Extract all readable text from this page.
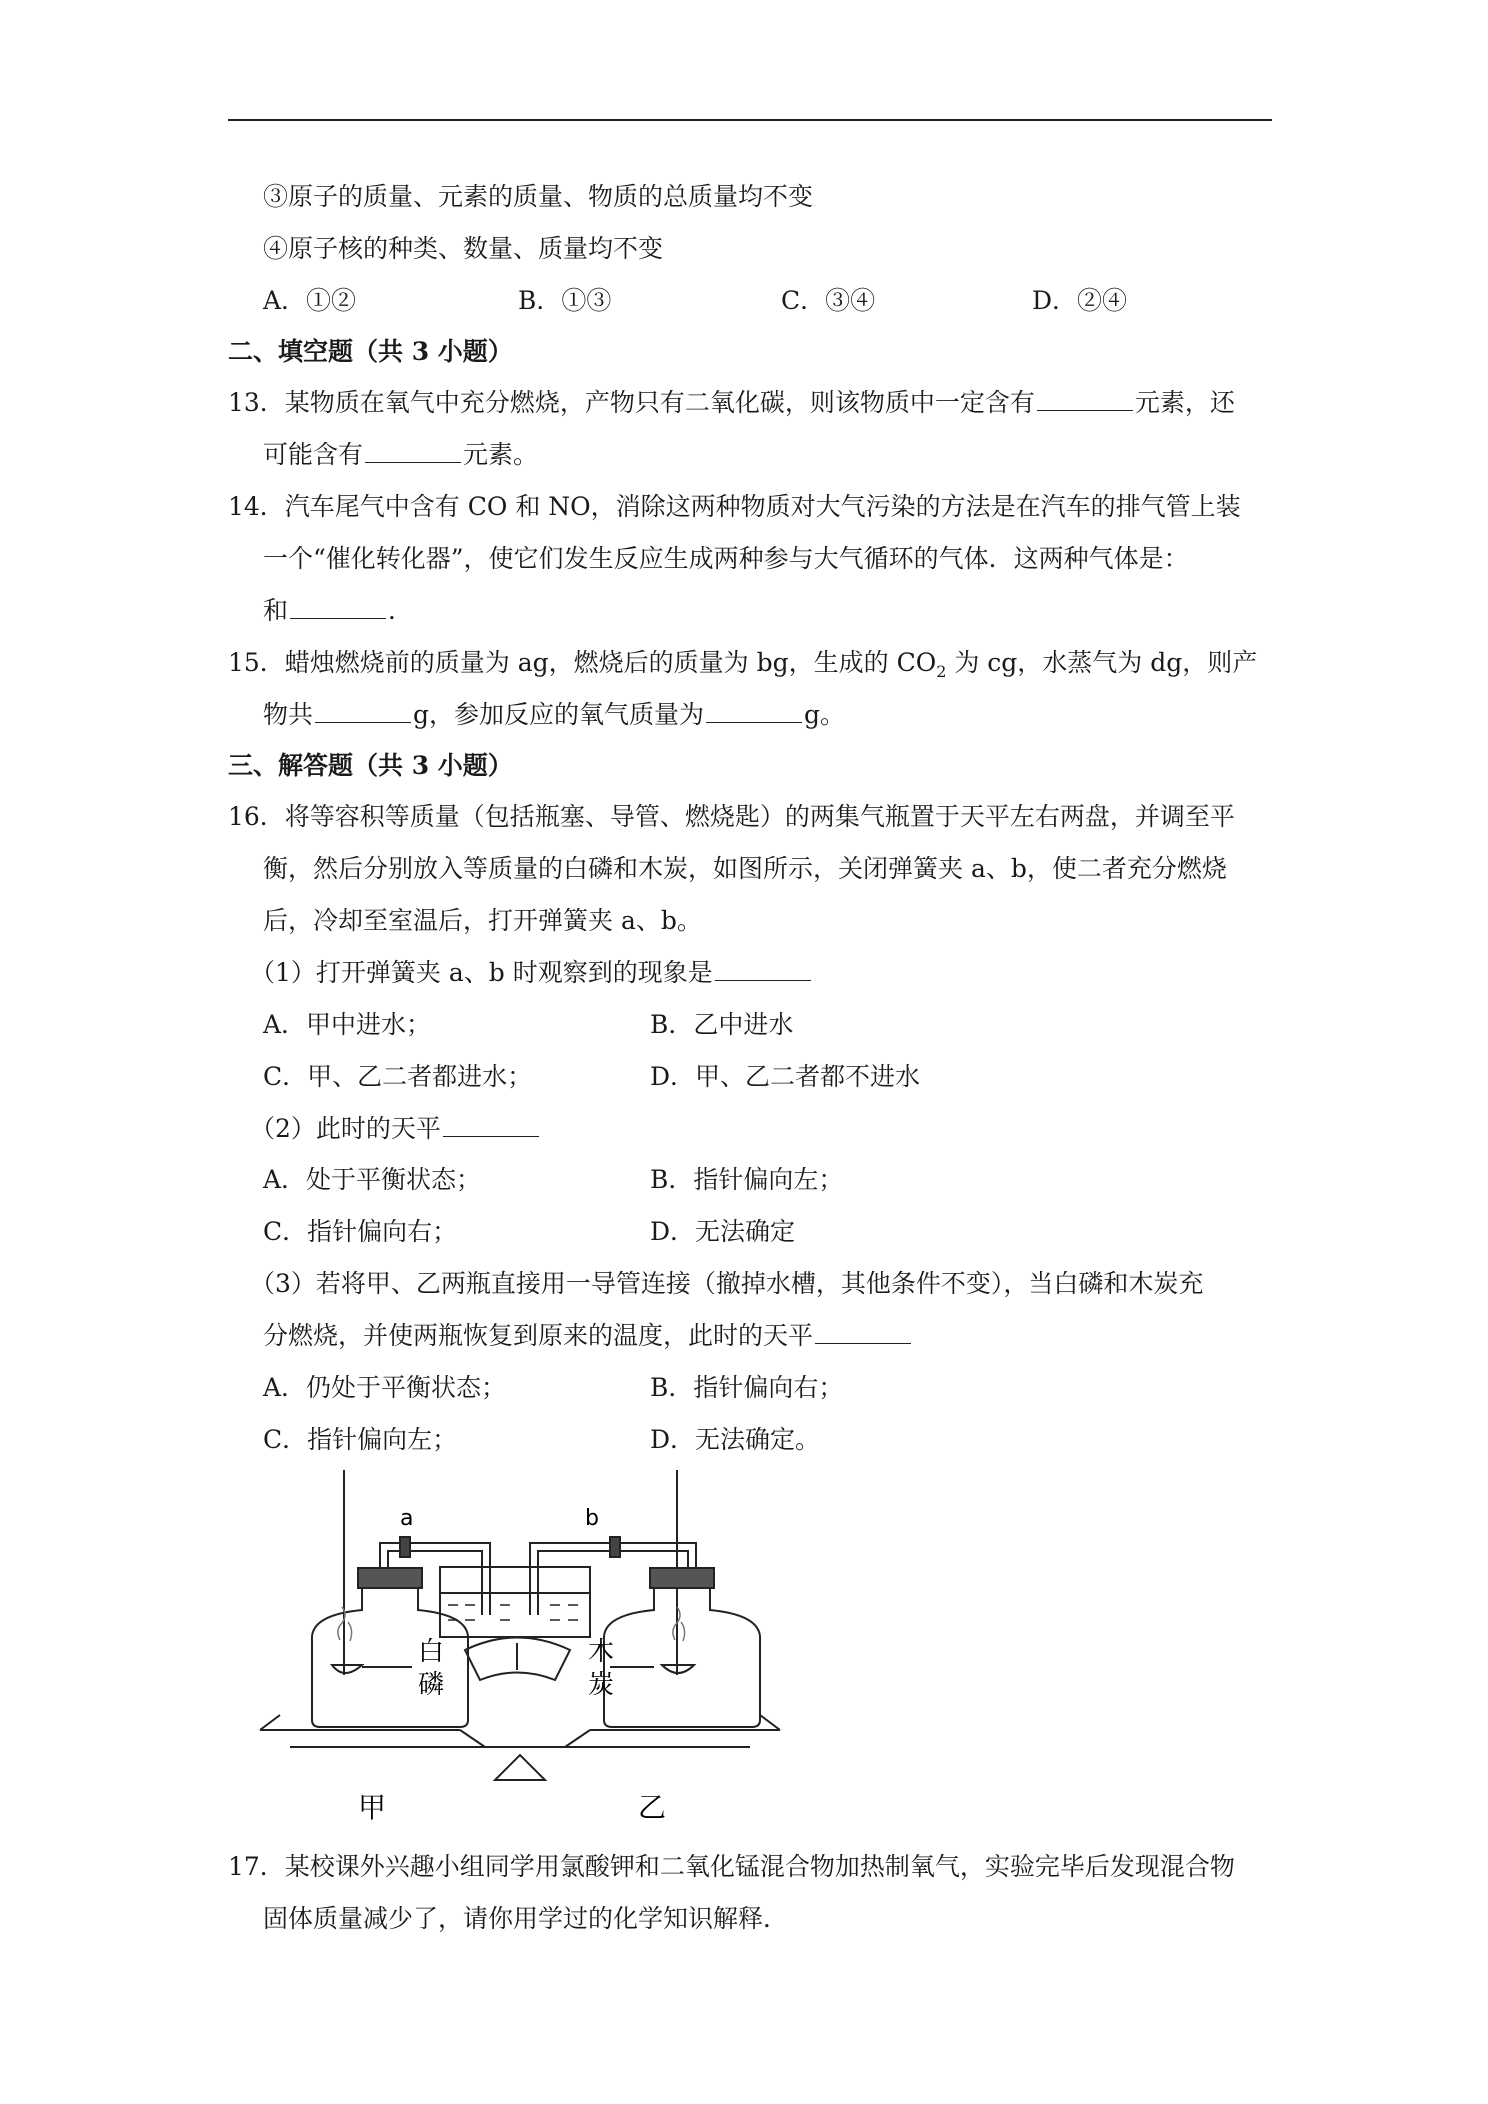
③原子的质量、元素的质量、物质的总质量均不变
④原子核的种类、数量、质量均不变
A．①②	B．①③	C．③④	D．②④
二、填空题（共 3 小题）
13．某物质在氧气中充分燃烧，产物只有二氧化碳，则该物质中一定含有	元素，还
可能含有	元素。
14．汽车尾气中含有 CO 和 NO，消除这两种物质对大气污染的方法是在汽车的排气管上装
一个“催化转化器”，使它们发生反应生成两种参与大气循环的气体．这两种气体是：
和	．
15．蜡烛燃烧前的质量为 ag，燃烧后的质量为 bg，生成的 $CO_2$ 为 cg，水蒸气为 dg，则产
物共	g，参加反应的氧气质量为	g。
三、解答题（共 3 小题）
16．将等容积等质量（包括瓶塞、导管、燃烧匙）的两集气瓶置于天平左右两盘，并调至平
衡，然后分别放入等质量的白磷和木炭，如图所示，关闭弹簧夹 a、b，使二者充分燃烧
后，冷却至室温后，打开弹簧夹 a、b。
（1）打开弹簧夹 a、b 时观察到的现象是
A．甲中进水；	B．乙中进水
C．甲、乙二者都进水；	D．甲、乙二者都不进水
（2）此时的天平
A．处于平衡状态；	B．指针偏向左；
C．指针偏向右；	D．无法确定
（3）若将甲、乙两瓶直接用一导管连接（撤掉水槽，其他条件不变），当白磷和木炭充
分燃烧，并使两瓶恢复到原来的温度，此时的天平
A．仍处于平衡状态；	B．指针偏向右；
C．指针偏向左；	D．无法确定。
a	b
白
磷
木
炭
甲	乙
17．某校课外兴趣小组同学用氯酸钾和二氧化锰混合物加热制氧气，实验完毕后发现混合物
固体质量减少了，请你用学过的化学知识解释．
